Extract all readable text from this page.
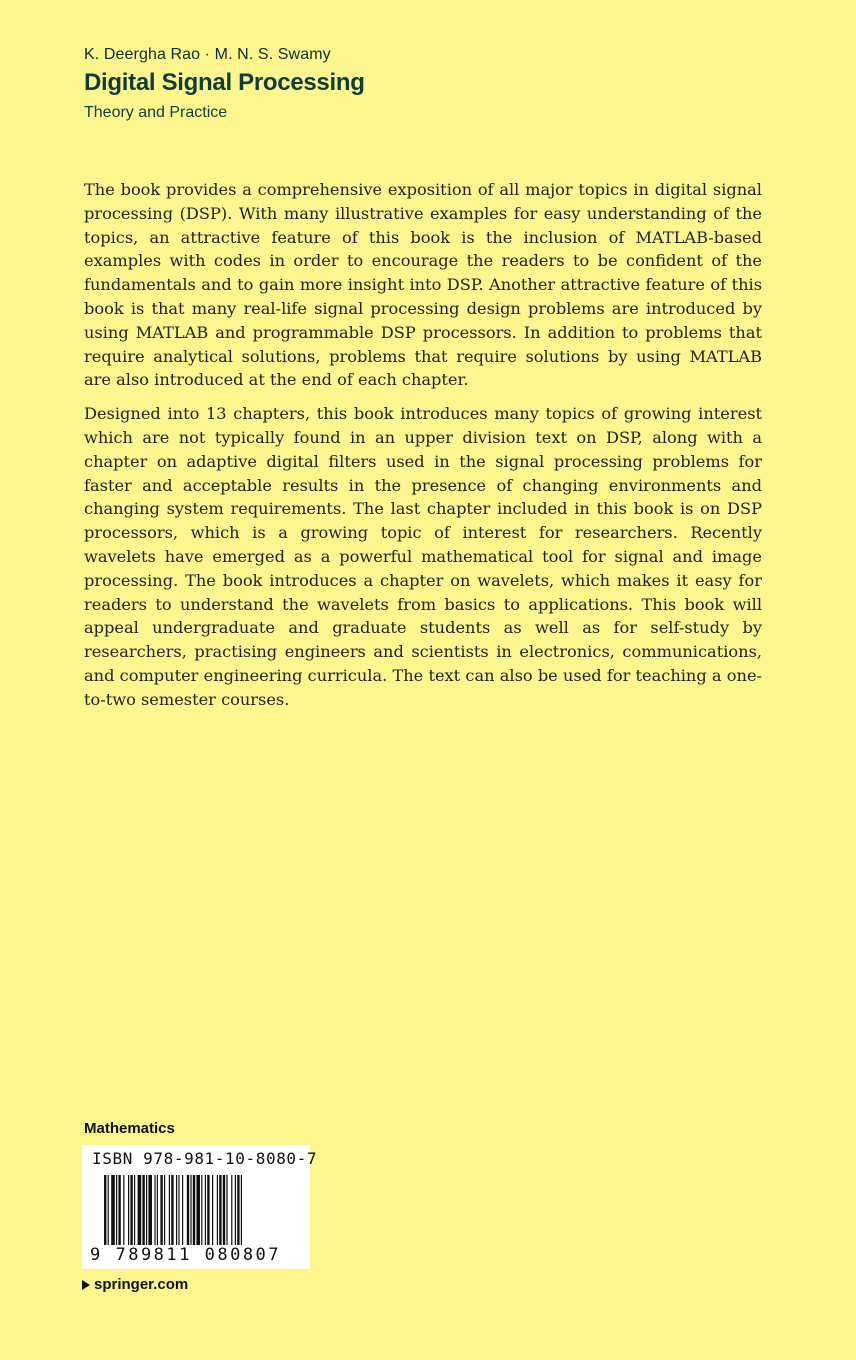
K. Deergha Rao · M. N. S. Swamy
Digital Signal Processing
Theory and Practice

The book provides a comprehensive exposition of all major topics in digital signal processing (DSP). With many illustrative examples for easy understanding of the topics, an attractive feature of this book is the inclusion of MATLAB-based examples with codes in order to encourage the readers to be confident of the fundamentals and to gain more insight into DSP. Another attractive feature of this book is that many real-life signal processing design problems are introduced by using MATLAB and programmable DSP processors. In addition to problems that require analytical solutions, problems that require solutions by using MATLAB are also introduced at the end of each chapter.

Designed into 13 chapters, this book introduces many topics of growing interest which are not typically found in an upper division text on DSP, along with a chapter on adaptive digital filters used in the signal processing problems for faster and acceptable results in the presence of changing environments and changing system requirements. The last chapter included in this book is on DSP processors, which is a growing topic of interest for researchers. Recently wavelets have emerged as a powerful mathematical tool for signal and image processing. The book introduces a chapter on wavelets, which makes it easy for readers to understand the wavelets from basics to applications. This book will appeal undergraduate and graduate students as well as for self-study by researchers, practising engineers and scientists in electronics, communications, and computer engineering curricula. The text can also be used for teaching a one-to-two semester courses.

Mathematics
ISBN 978-981-10-8080-7
9 789811 080807
springer.com
